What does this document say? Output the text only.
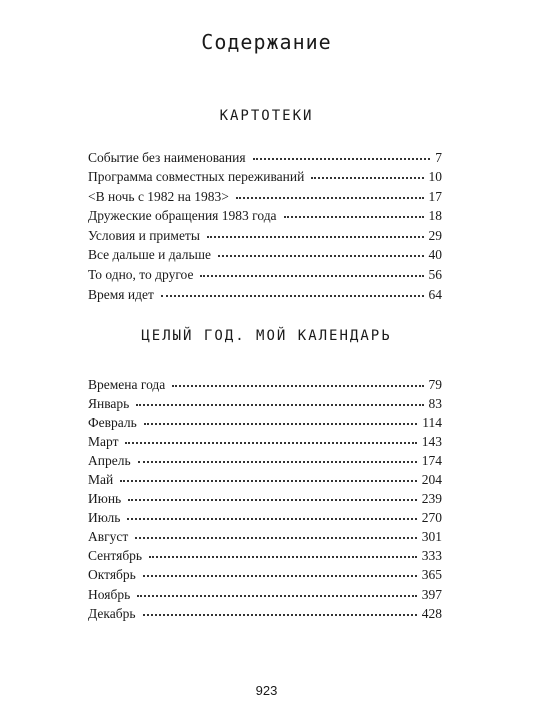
Содержание
КАРТОТЕКИ
Событие без наименования	7
Программа совместных переживаний	10
<В ночь с 1982 на 1983>	17
Дружеские обращения 1983 года	18
Условия и приметы	29
Все дальше и дальше	40
То одно, то другое	56
Время идет	64
ЦЕЛЫЙ ГОД. МОЙ КАЛЕНДАРЬ
Времена года	79
Январь	83
Февраль	114
Март	143
Апрель	174
Май	204
Июнь	239
Июль	270
Август	301
Сентябрь	333
Октябрь	365
Ноябрь	397
Декабрь	428
923
